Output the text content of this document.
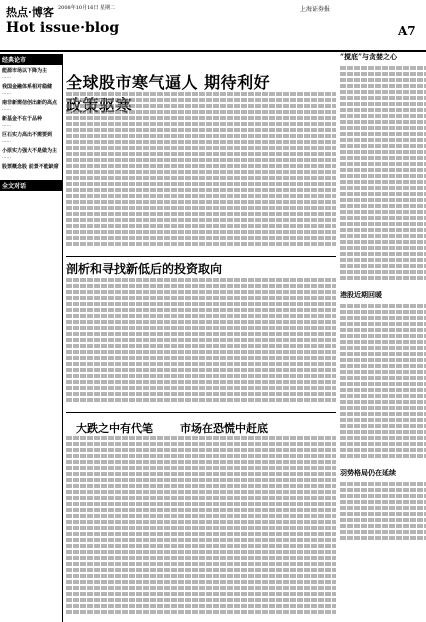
热点·博客
Hot issue·blog
2008年10月16日 星期二	上海证券报
A7
经典论市
能源市场以下降为主
……
我国金融体系相对稳健
……
南非新需信创出新的高点
……
新基金不在于品种
……
巨石实力高出不需要到
……
小原实力强大不是做为主
……
股票概念股 前景不能缺席
全文对话
全球股市寒气逼人 期待利好
剖析和寻找新低后的投资取向
大跌之中有代笔 市场在恐慌中赶底
“搅底”与贪婪之心
港股近期回暖
羽势格局仍在延续
